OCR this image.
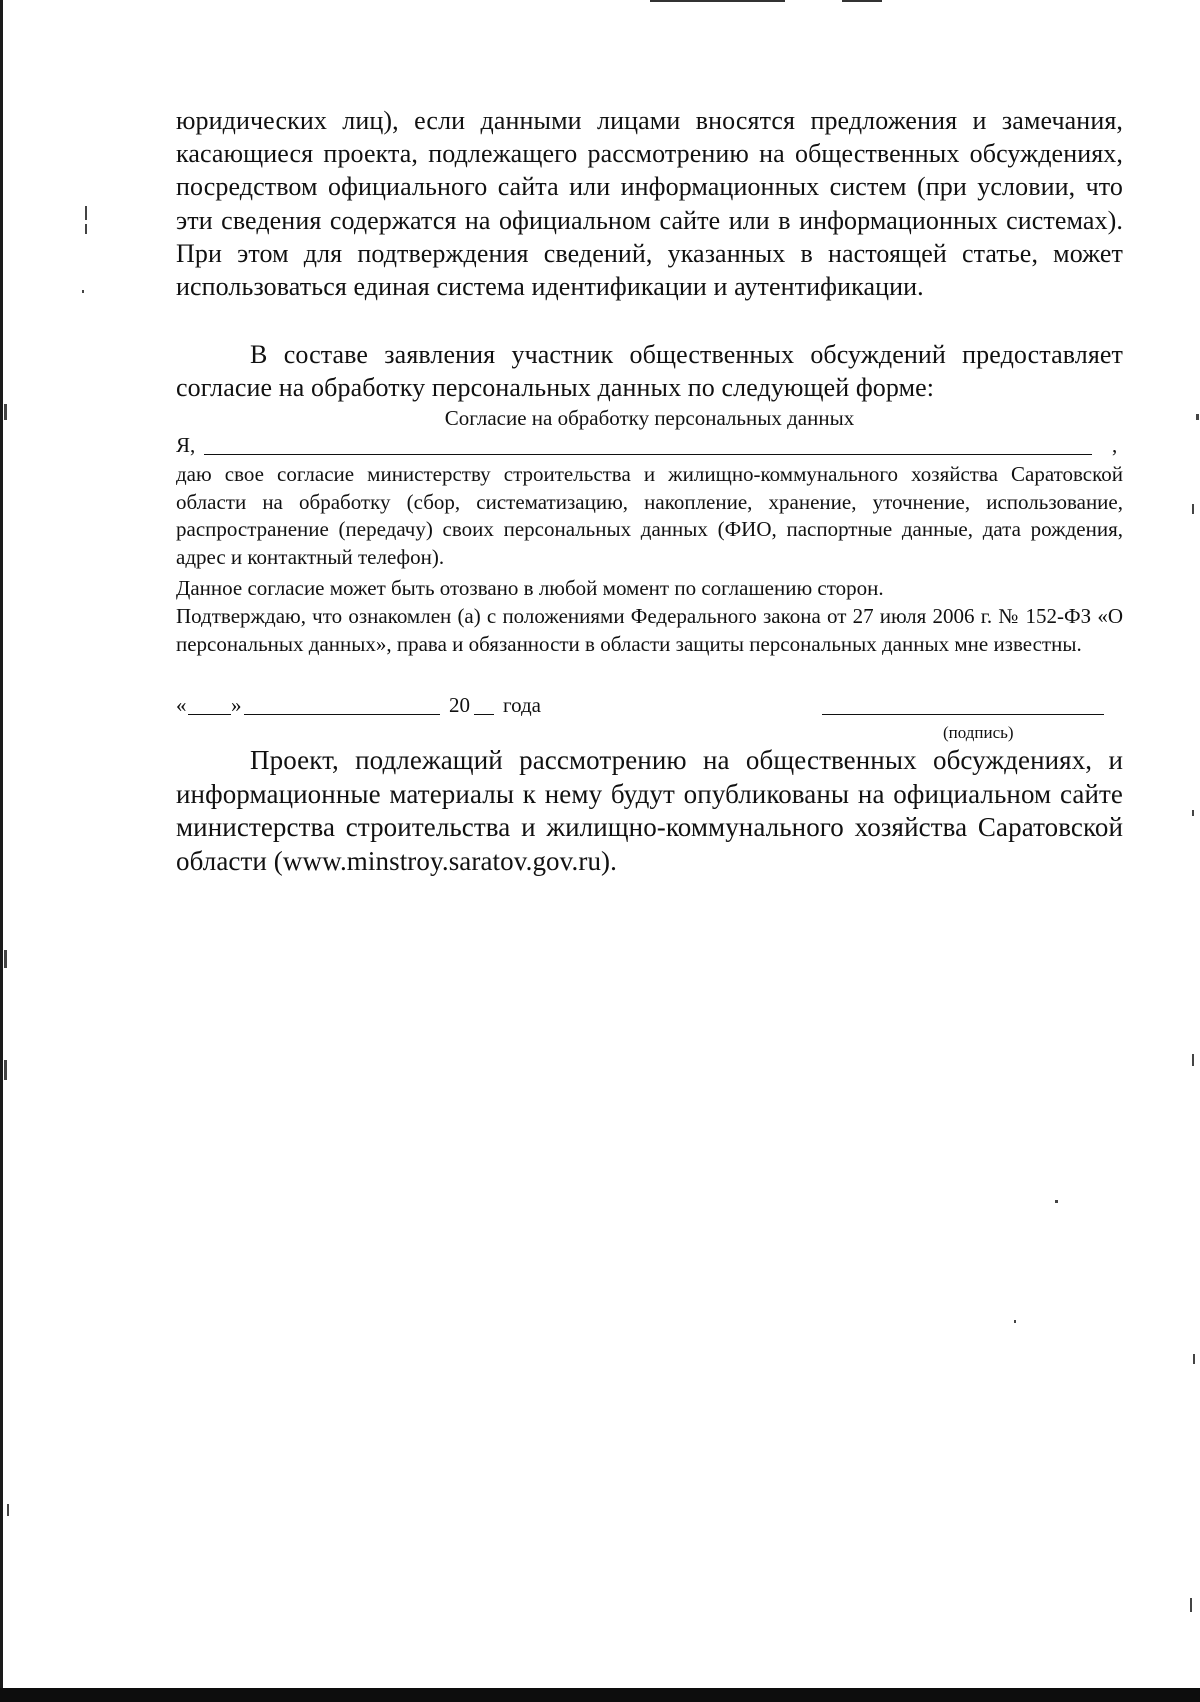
юридических лиц), если данными лицами вносятся предложения и замечания, касающиеся проекта, подлежащего рассмотрению на общественных обсуждениях, посредством официального сайта или информационных систем (при условии, что эти сведения содержатся на официальном сайте или в информационных системах). При этом для подтверждения сведений, указанных в настоящей статье, может использоваться единая система идентификации и аутентификации.

В составе заявления участник общественных обсуждений предоставляет согласие на обработку персональных данных по следующей форме:

Согласие на обработку персональных данных
Я,	,

даю свое согласие министерству строительства и жилищно-коммунального хозяйства Саратовской области на обработку (сбор, систематизацию, накопление, хранение, уточнение, использование, распространение (передачу) своих персональных данных (ФИО, паспортные данные, дата рождения, адрес и контактный телефон).

Данное согласие может быть отозвано в любой момент по соглашению сторон.

Подтверждаю, что ознакомлен (а) с положениями Федерального закона от 27 июля 2006 г. № 152-ФЗ «О персональных данных», права и обязанности в области защиты персональных данных мне известны.

« »	20 года
(подпись)

Проект, подлежащий рассмотрению на общественных обсуждениях, и информационные материалы к нему будут опубликованы на официальном сайте министерства строительства и жилищно-коммунального хозяйства Саратовской области (www.minstroy.saratov.gov.ru).
